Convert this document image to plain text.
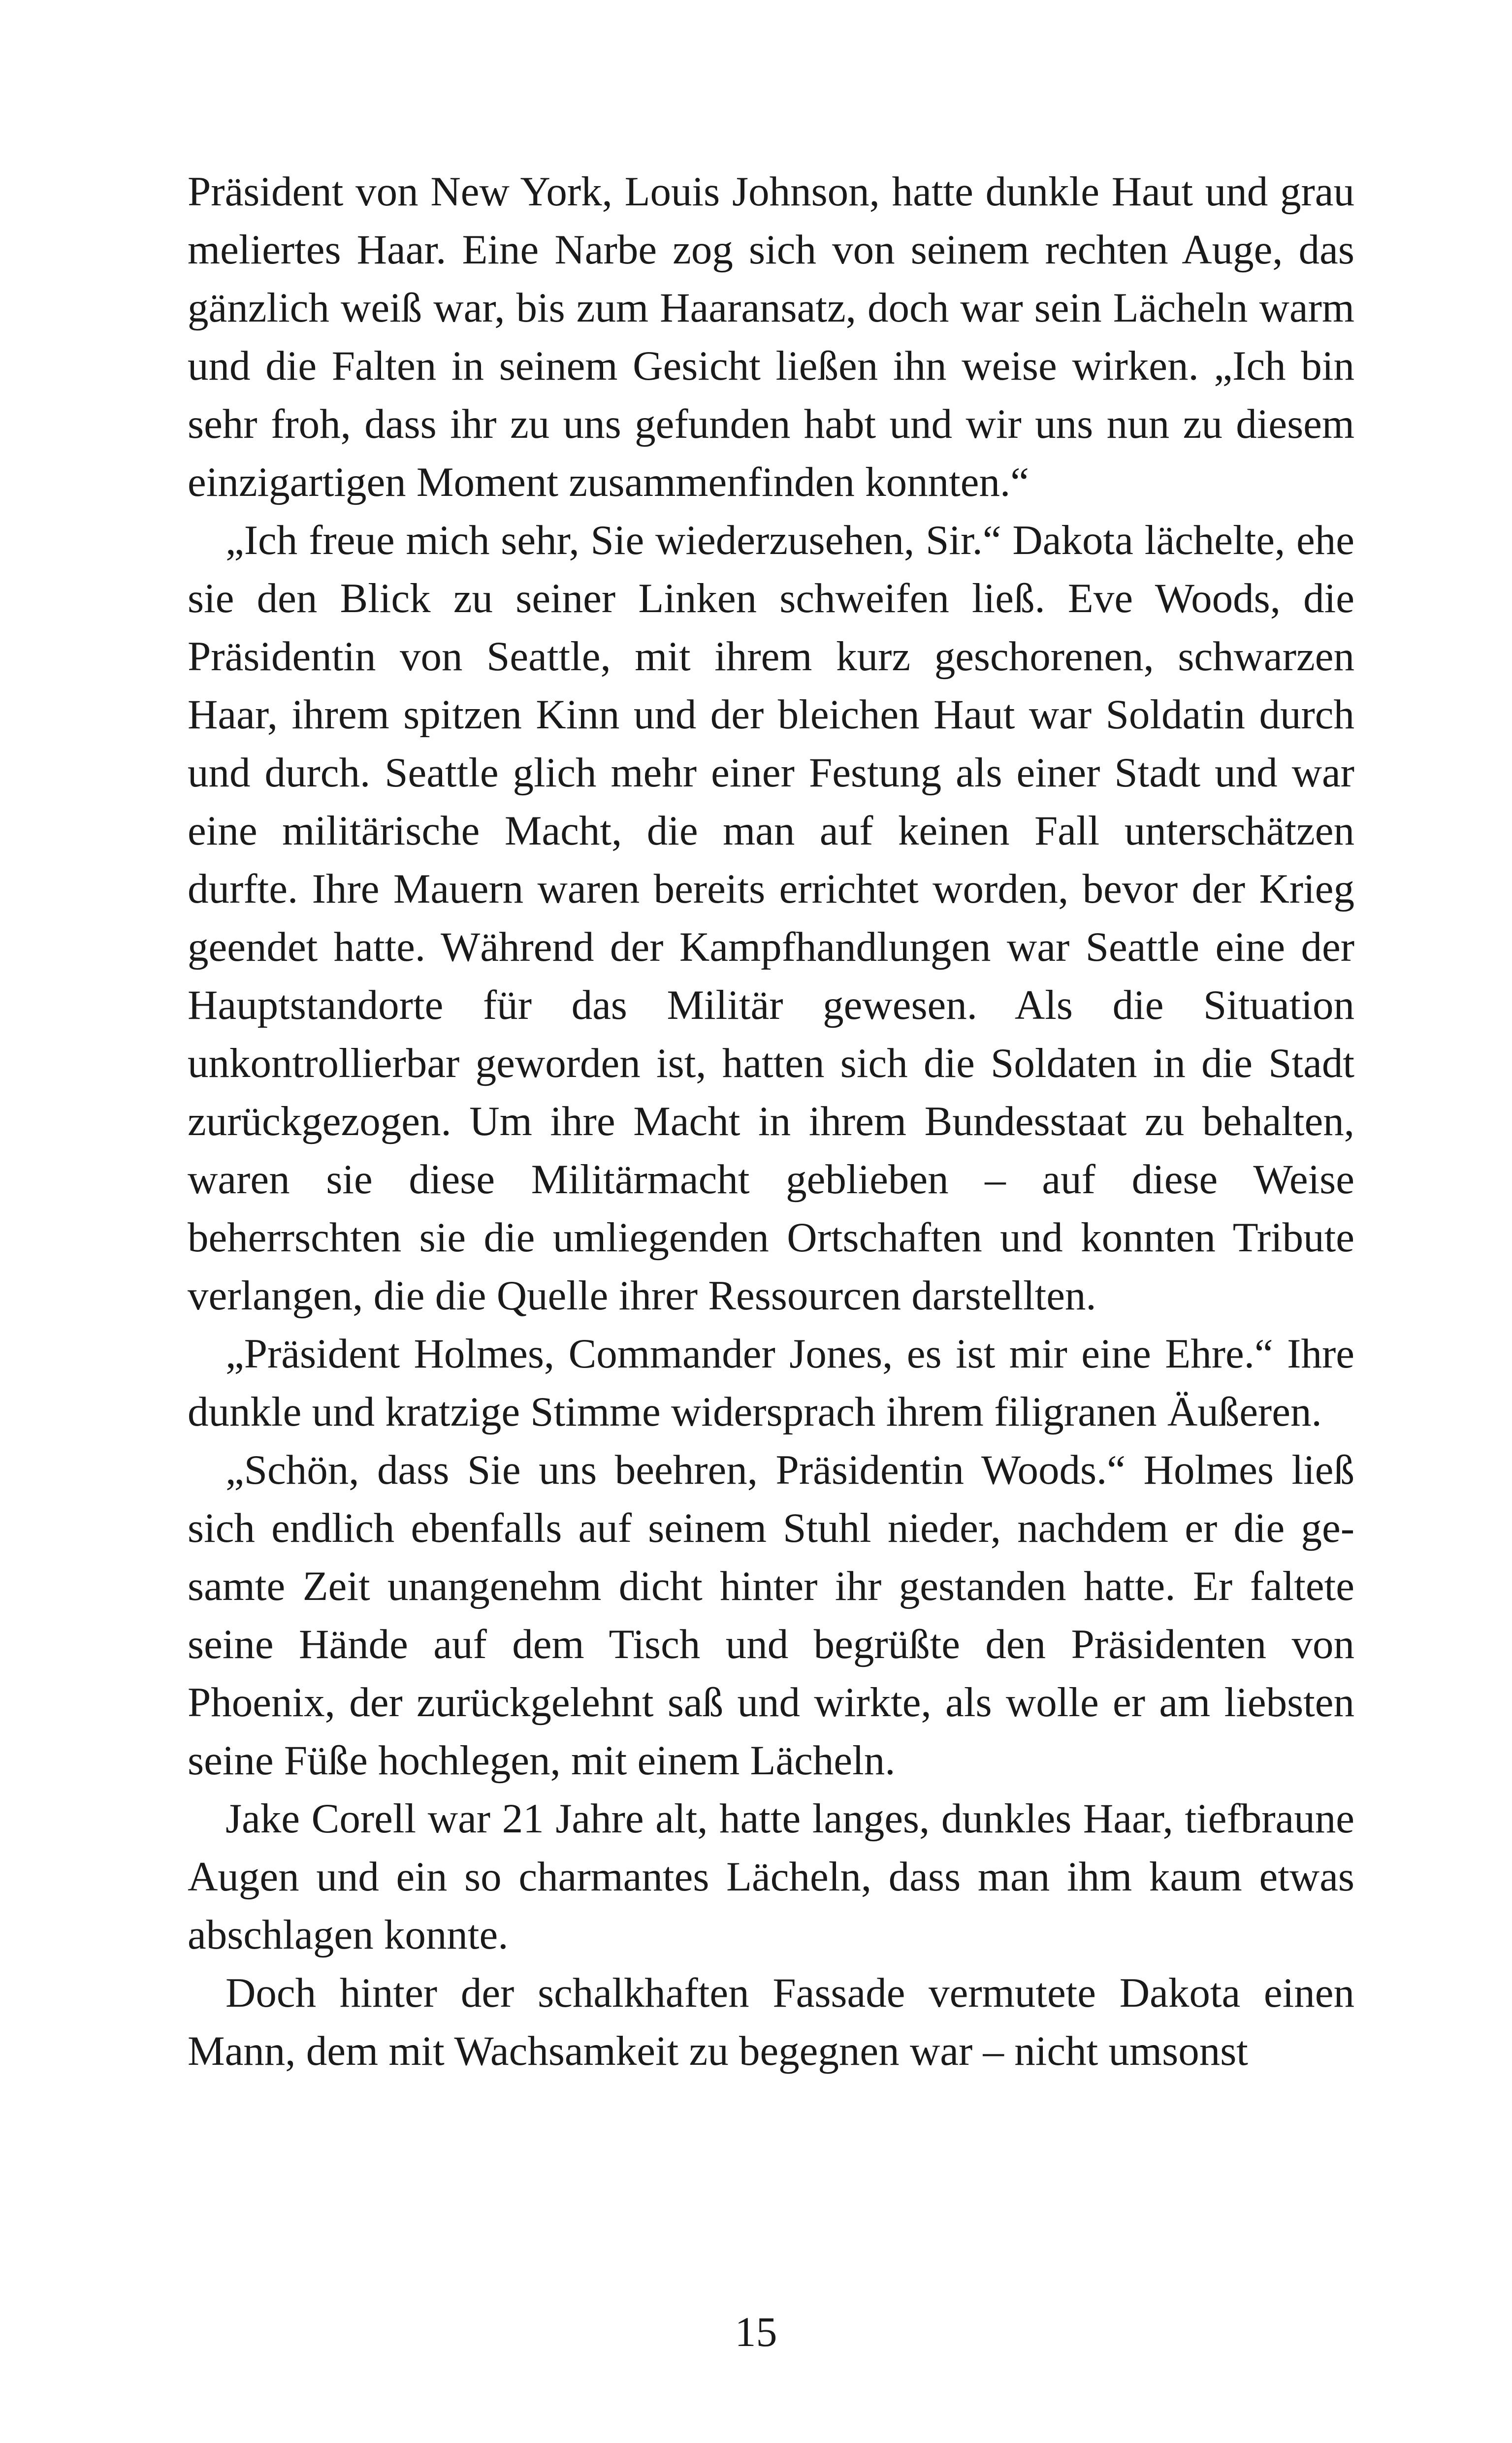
Präsident von New York, Louis Johnson, hatte dunkle Haut und grau meliertes Haar. Eine Narbe zog sich von seinem rechten Auge, das gänzlich weiß war, bis zum Haaransatz, doch war sein Lächeln warm und die Falten in seinem Gesicht ließen ihn weise wirken. „Ich bin sehr froh, dass ihr zu uns gefunden habt und wir uns nun zu diesem einzigartigen Moment zusammenfinden konnten.“

„Ich freue mich sehr, Sie wiederzusehen, Sir.“ Dakota lächelte, ehe sie den Blick zu seiner Linken schweifen ließ. Eve Woods, die Präsidentin von Seattle, mit ihrem kurz geschorenen, schwarzen Haar, ihrem spitzen Kinn und der bleichen Haut war Soldatin durch und durch. Seattle glich mehr einer Festung als einer Stadt und war eine militärische Macht, die man auf keinen Fall unterschätzen durfte. Ihre Mauern waren bereits errichtet worden, bevor der Krieg geendet hatte. Während der Kampfhandlungen war Seattle eine der Hauptstandorte für das Militär gewesen. Als die Situation unkontrollierbar geworden ist, hatten sich die Soldaten in die Stadt zurückgezogen. Um ihre Macht in ihrem Bundesstaat zu behalten, waren sie diese Militärmacht geblieben – auf diese Weise beherrschten sie die umliegenden Ortschaften und konnten Tribute verlangen, die die Quelle ihrer Ressourcen darstellten.

„Präsident Holmes, Commander Jones, es ist mir eine Ehre.“ Ihre dunkle und kratzige Stimme widersprach ihrem filigranen Äußeren.

„Schön, dass Sie uns beehren, Präsidentin Woods.“ Holmes ließ sich endlich ebenfalls auf seinem Stuhl nieder, nachdem er die gesamte Zeit unangenehm dicht hinter ihr gestanden hatte. Er faltete seine Hände auf dem Tisch und begrüßte den Präsidenten von Phoenix, der zurückgelehnt saß und wirkte, als wolle er am liebsten seine Füße hochlegen, mit einem Lächeln.

Jake Corell war 21 Jahre alt, hatte langes, dunkles Haar, tiefbraune Augen und ein so charmantes Lächeln, dass man ihm kaum etwas abschlagen konnte.

Doch hinter der schalkhaften Fassade vermutete Dakota einen Mann, dem mit Wachsamkeit zu begegnen war – nicht umsonst

15
